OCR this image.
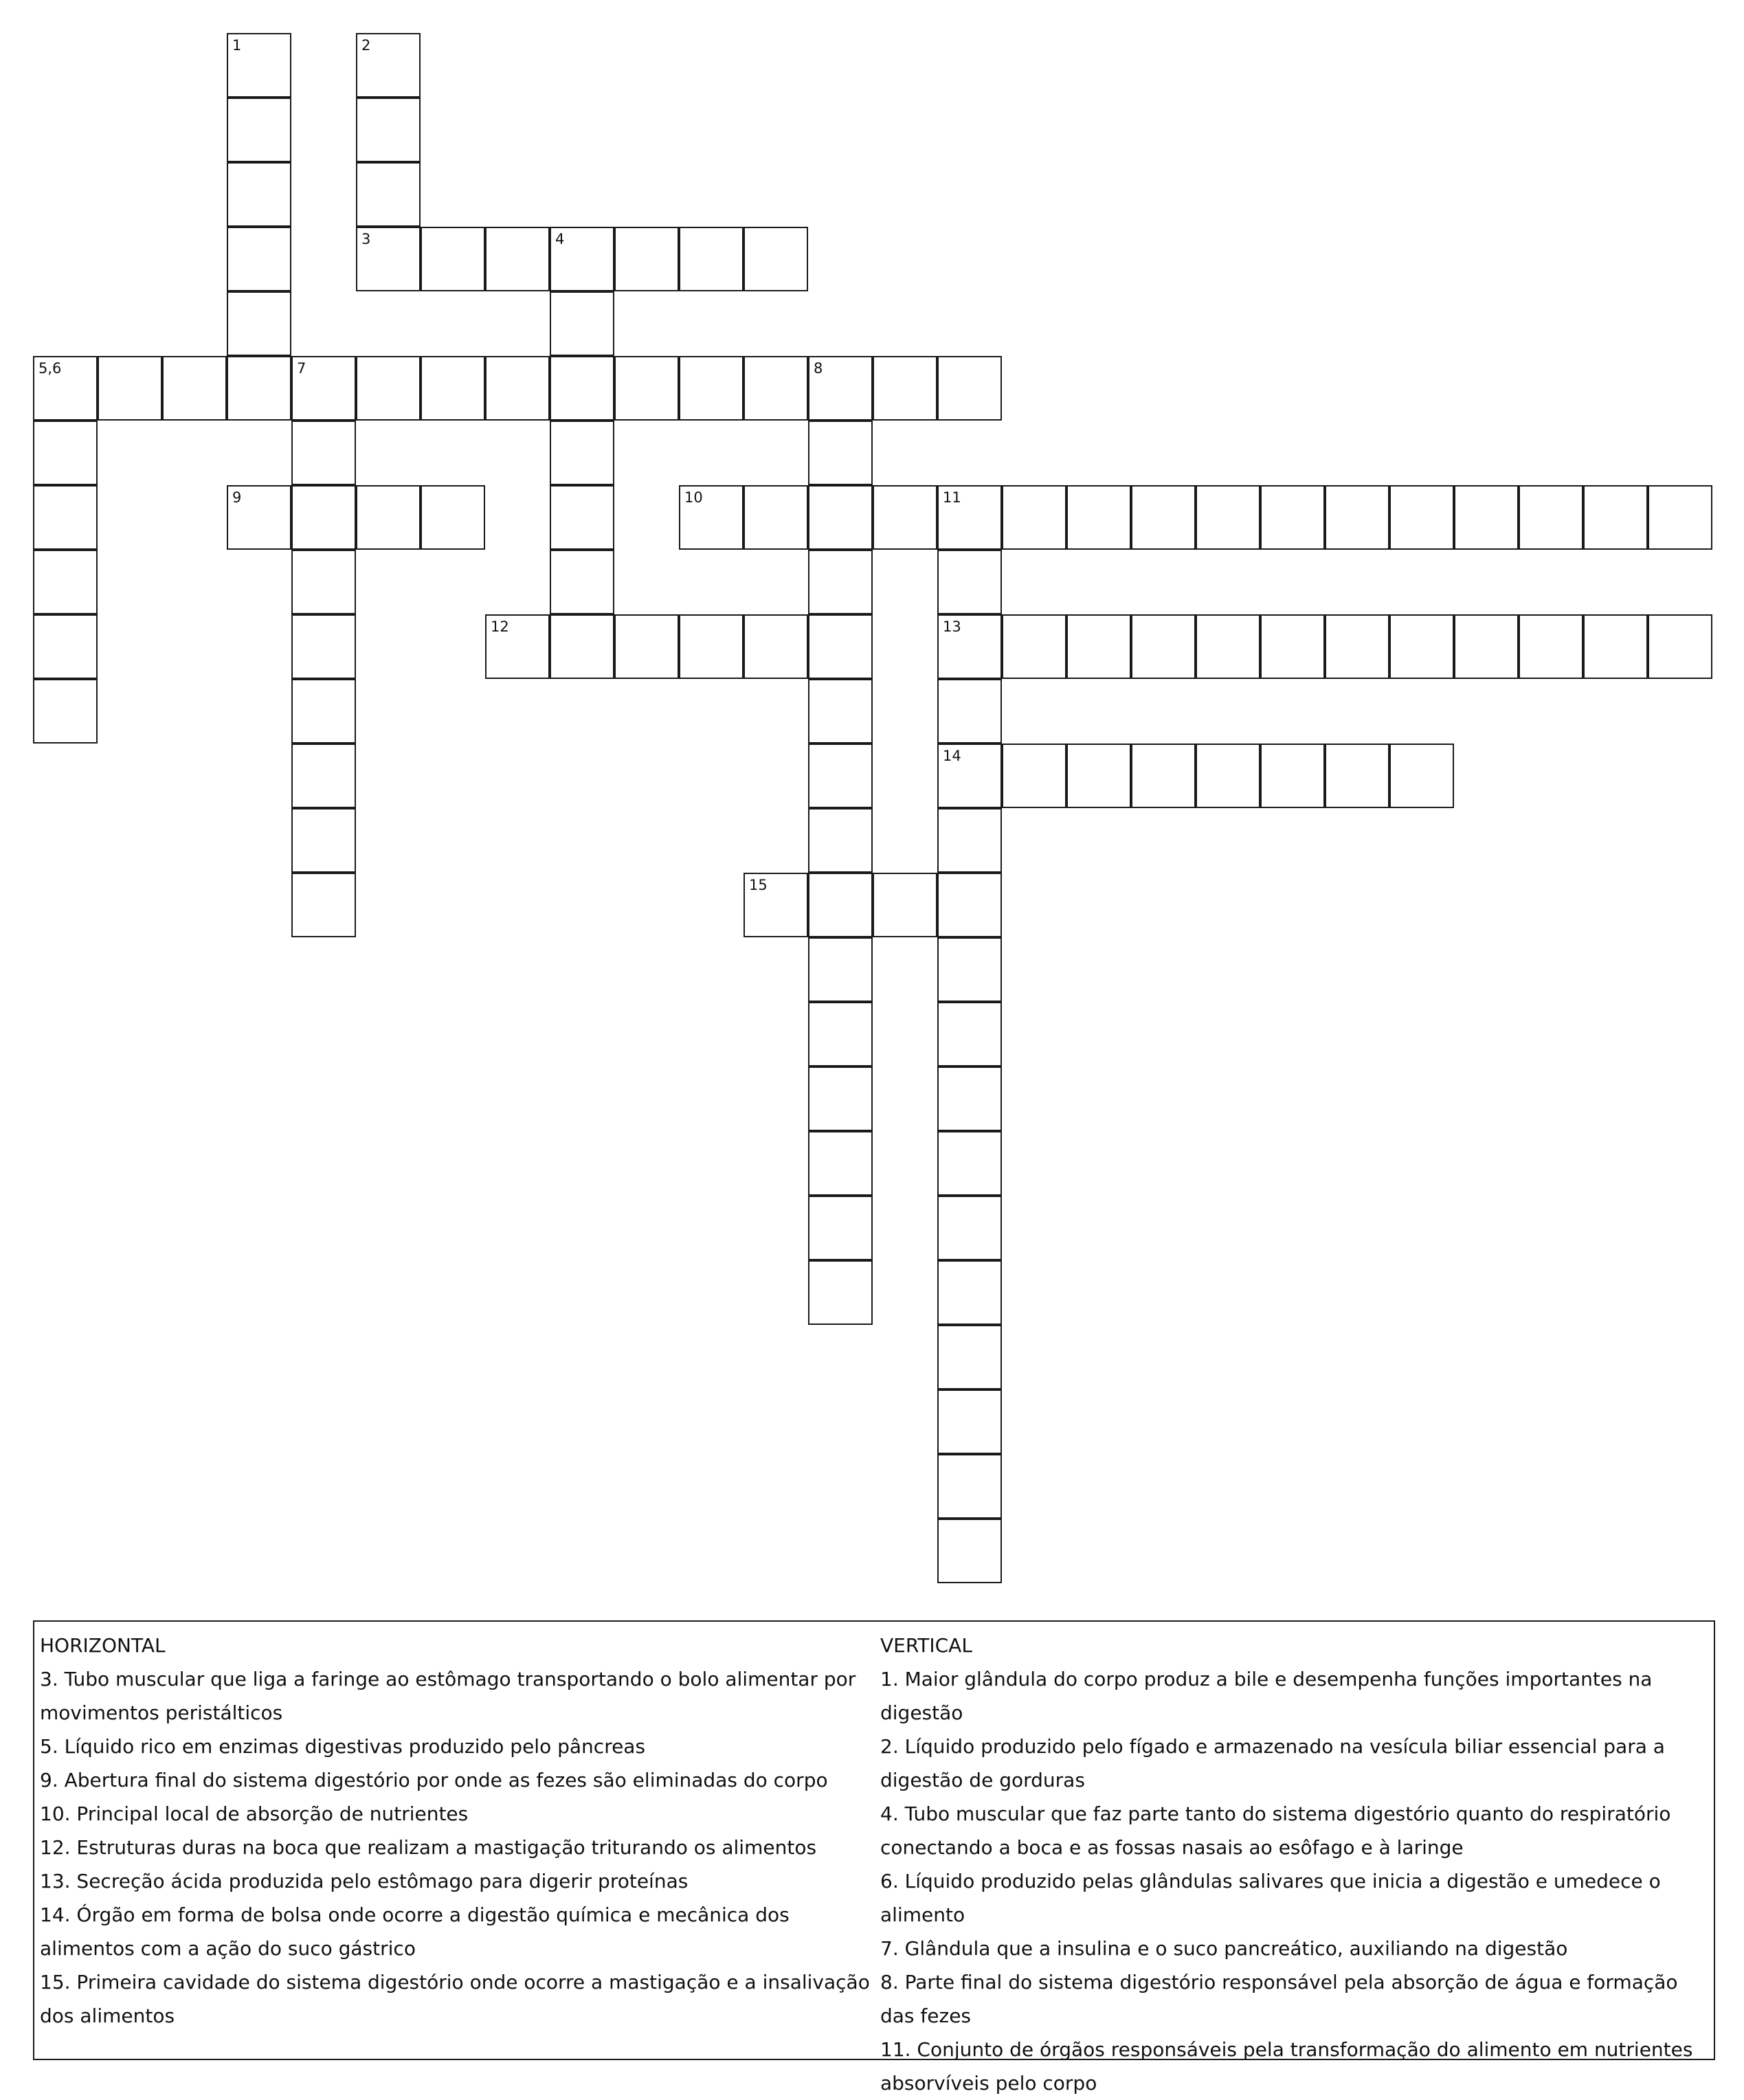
1	2
3	4
5,6	7	8
9	10	11
13
14
12
15
HORIZONTAL

3. Tubo muscular que liga a faringe ao estômago transportando o bolo alimentar por movimentos peristálticos

5. Líquido rico em enzimas digestivas produzido pelo pâncreas

9. Abertura final do sistema digestório por onde as fezes são eliminadas do corpo

10. Principal local de absorção de nutrientes

12. Estruturas duras na boca que realizam a mastigação triturando os alimentos

13. Secreção ácida produzida pelo estômago para digerir proteínas

14. Órgão em forma de bolsa onde ocorre a digestão química e mecânica dos alimentos com a ação do suco gástrico

15. Primeira cavidade do sistema digestório onde ocorre a mastigação e a insalivação dos alimentos

VERTICAL

1. Maior glândula do corpo produz a bile e desempenha funções importantes na digestão

2. Líquido produzido pelo fígado e armazenado na vesícula biliar essencial para a digestão de gorduras

4. Tubo muscular que faz parte tanto do sistema digestório quanto do respiratório conectando a boca e as fossas nasais ao esôfago e à laringe

6. Líquido produzido pelas glândulas salivares que inicia a digestão e umedece o alimento

7. Glândula que a insulina e o suco pancreático, auxiliando na digestão

8. Parte final do sistema digestório responsável pela absorção de água e formação das fezes

11. Conjunto de órgãos responsáveis pela transformação do alimento em nutrientes absorvíveis pelo corpo
